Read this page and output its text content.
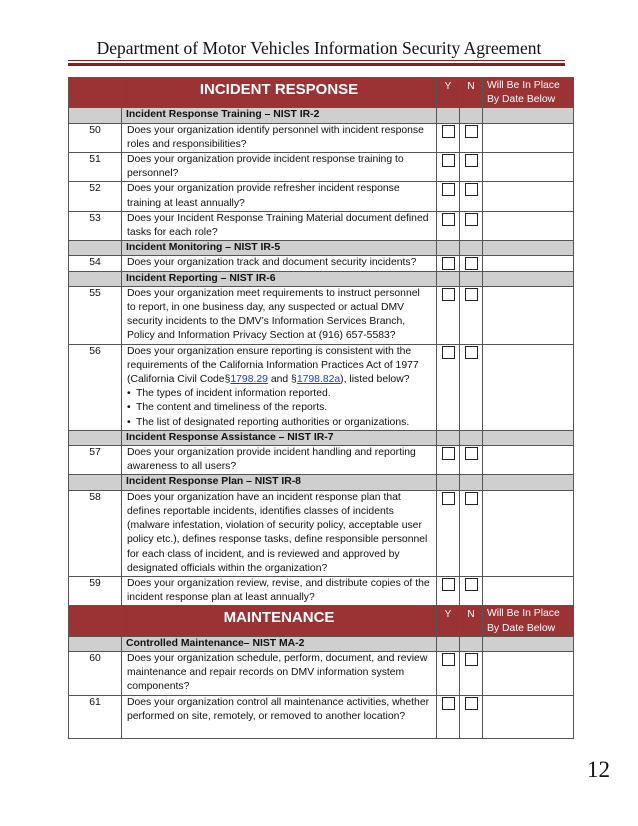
Department of Motor Vehicles Information Security Agreement
	INCIDENT RESPONSE	Y	N	Will Be In Place By Date Below
	Incident Response Training – NIST IR-2			
50	Does your organization identify personnel with incident response roles and responsibilities?	

51	Does your organization provide incident response training to personnel?	

52	Does your organization provide refresher incident response training at least annually?	

53	Does your Incident Response Training Material document defined tasks for each role?	

	Incident Monitoring – NIST IR-5			
54	Does your organization track and document security incidents?	

	Incident Reporting – NIST IR-6			
55	Does your organization meet requirements to instruct personnel to report, in one business day, any suspected or actual DMV security incidents to the DMV’s Information Services Branch, Policy and Information Privacy Section at (916) 657-5583?	

56	Does your organization ensure reporting is consistent with the requirements of the California Information Practices Act of 1977 (California Civil Code§1798.29 and §1798.82a), listed below?
• The types of incident information reported.
• The content and timeliness of the reports.
• The list of designated reporting authorities or organizations.

	Incident Response Assistance – NIST IR-7			
57	Does your organization provide incident handling and reporting awareness to all users?	

	Incident Response Plan – NIST IR-8			
58	Does your organization have an incident response plan that defines reportable incidents, identifies classes of incidents (malware infestation, violation of security policy, acceptable user policy etc.), defines response tasks, define responsible personnel for each class of incident, and is reviewed and approved by designated officials within the organization?	

59	Does your organization review, revise, and distribute copies of the incident response plan at least annually?	

	MAINTENANCE	Y	N	Will Be In Place By Date Below
	Controlled Maintenance– NIST MA-2			
60	Does your organization schedule, perform, document, and review maintenance and repair records on DMV information system components?	

61	Does your organization control all maintenance activities, whether performed on site, remotely, or removed to another location?	

12
